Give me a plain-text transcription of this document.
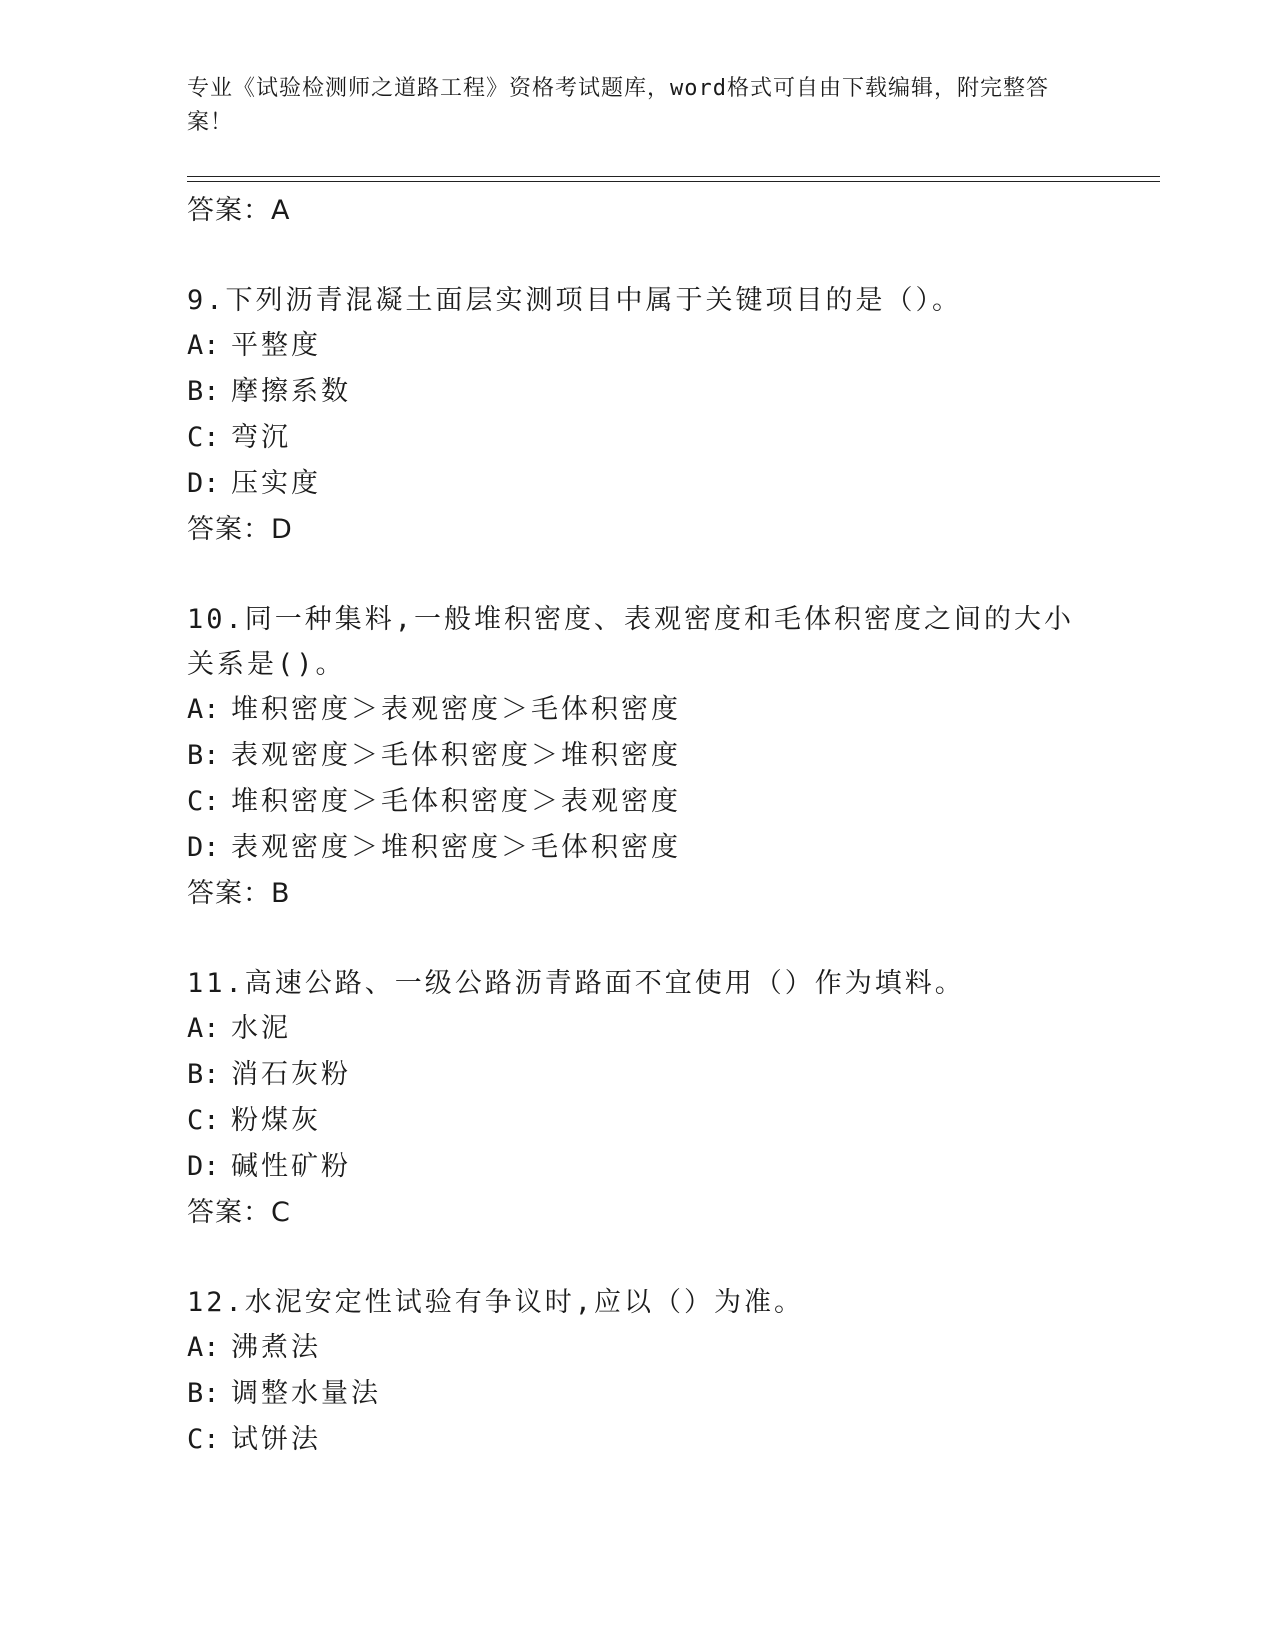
专业《试验检测师之道路工程》资格考试题库，word格式可自由下载编辑，附完整答案！
答案：A
9.下列沥青混凝土面层实测项目中属于关键项目的是（）。
A: 平整度
B: 摩擦系数
C: 弯沉
D: 压实度
答案：D
10.同一种集料,一般堆积密度、表观密度和毛体积密度之间的大小关系是()。
A: 堆积密度＞表观密度＞毛体积密度
B: 表观密度＞毛体积密度＞堆积密度
C: 堆积密度＞毛体积密度＞表观密度
D: 表观密度＞堆积密度＞毛体积密度
答案：B
11.高速公路、一级公路沥青路面不宜使用（）作为填料。
A: 水泥
B: 消石灰粉
C: 粉煤灰
D: 碱性矿粉
答案：C
12.水泥安定性试验有争议时,应以（）为准。
A: 沸煮法
B: 调整水量法
C: 试饼法
